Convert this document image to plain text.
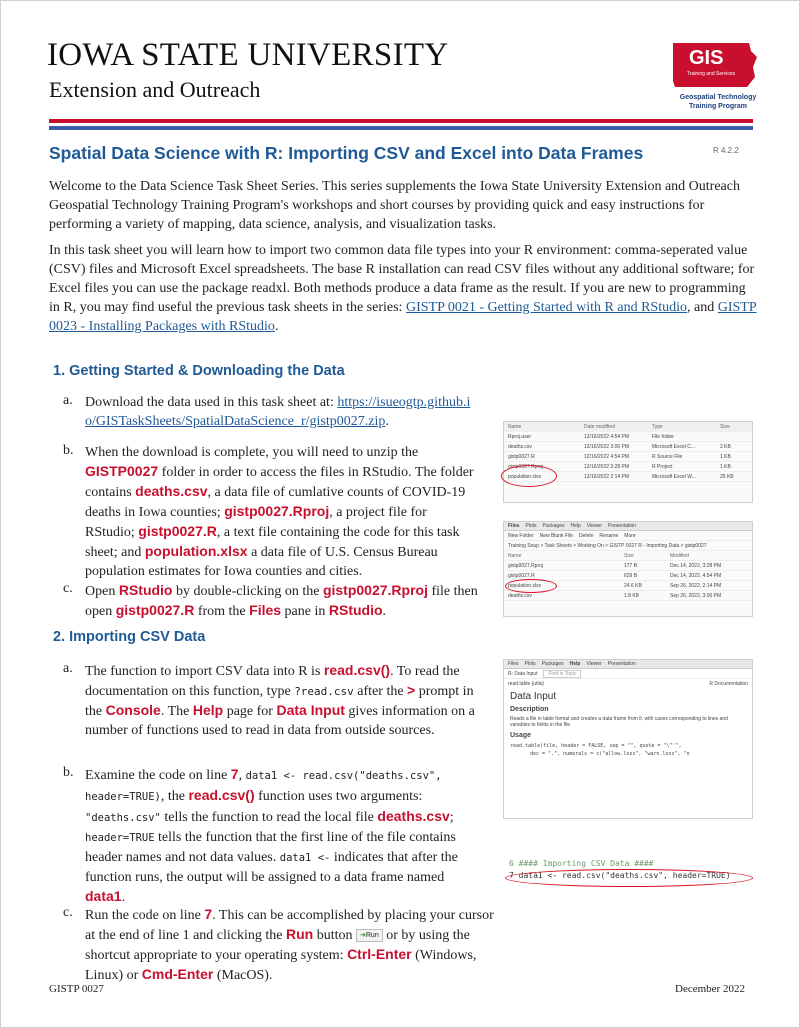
IOWA STATE UNIVERSITY
Extension and Outreach
GIS
Training and Services
Geospatial Technology
Training Program
Spatial Data Science with R: Importing CSV and Excel into Data Frames	R 4.2.2

Welcome to the Data Science Task Sheet Series. This series supplements the Iowa State University Extension and Outreach Geospatial Technology Training Program's workshops and short courses by providing quick and easy instructions for performing a variety of mapping, data science, analysis, and visualization tasks.

In this task sheet you will learn how to import two common data file types into your R environment: comma-seperated value (CSV) files and Microsoft Excel spreadsheets. The base R installation can read CSV files without any additional software; for Excel files you can use the package readxl. Both methods produce a data frame as the result. If you are new to programming in R, you may find useful the previous task sheets in the series: GISTP 0021 - Getting Started with R and RStudio, and GISTP 0023 - Installing Packages with RStudio.

1. Getting Started & Downloading the Data
a. Download the data used in this task sheet at: https://isueogtp.github.io/GISTaskSheets/SpatialDataScience_r/gistp0027.zip.

b. When the download is complete, you will need to unzip the GISTP0027 folder in order to access the files in RStudio. The folder contains deaths.csv, a data file of cumlative counts of COVID-19 deaths in Iowa counties; gistp0027.Rproj, a project file for RStudio; gistp0027.R, a text file containing the code for this task sheet; and population.xlsx a data file of U.S. Census Bureau population estimates for Iowa counties and cities.

c. Open RStudio by double-clicking on the gistp0027.Rproj file then open gistp0027.R from the Files pane in RStudio.

2. Importing CSV Data
a. The function to import CSV data into R is read.csv(). To read the documentation on this function, type ?read.csv after the > prompt in the Console. The Help page for Data Input gives information on a number of functions used to read in data from outside sources.

b. Examine the code on line 7, data1 <- read.csv("deaths.csv", header=TRUE), the read.csv() function uses two arguments: "deaths.csv" tells the function to read the local file deaths.csv; header=TRUE tells the function that the first line of the file contains header names and not data values. data1 <- indicates that after the function runs, the output will be assigned to a data frame named data1.

c. Run the code on line 7. This can be accomplished by placing your cursor at the end of line 1 and clicking the Run button ➜Run or by using the shortcut appropriate to your operating system: Ctrl-Enter (Windows, Linux) or Cmd-Enter (MacOS).

Name	Date modified	Type	Size
Rproj.user	12/16/2022 4:54 PM	File folder
deaths.csv	12/16/2022 3:00 PM	Microsoft Excel C...	2 KB
gistp0027.R	12/16/2022 4:54 PM	R Source File	1 KB
gistp0027.Rproj	12/16/2022 3:28 PM	R Project	1 KB
population.xlsx	12/16/2022 2:14 PM	Microsoft Excel W...	25 KB
Files Plots Packages Help Viewer Presentation
New Folder New Blank File Delete Rename More
Training Soup > Task Sheets > Working On > GISTP 0027 R - Importing Data > gistp0027
Name	Size	Modified
gistp0027.Rproj	177 B	Dec 14, 2022, 3:28 PM
gistp0027.R	629 B	Dec 14, 2022, 4:54 PM
population.xlsx	24.6 KB	Sep 26, 2022, 2:14 PM
deaths.csv	1.8 KB	Sep 26, 2022, 3:00 PM
Files Plots Packages Help Viewer Presentation
R: Data Input	Find in Topic
read.table {utils}	R Documentation
Data Input
Description
Reads a file in table format and creates a data frame from it, with cases corresponding to lines and variables to fields in the file.
Usage
read.table(file, header = FALSE, sep = "", quote = "\"'",
dec = ".", numerals = c("allow.loss", "warn.loss", "n
6 #### Importing CSV Data ####
7 data1 <- read.csv("deaths.csv", header=TRUE)
GISTP 0027	December 2022
